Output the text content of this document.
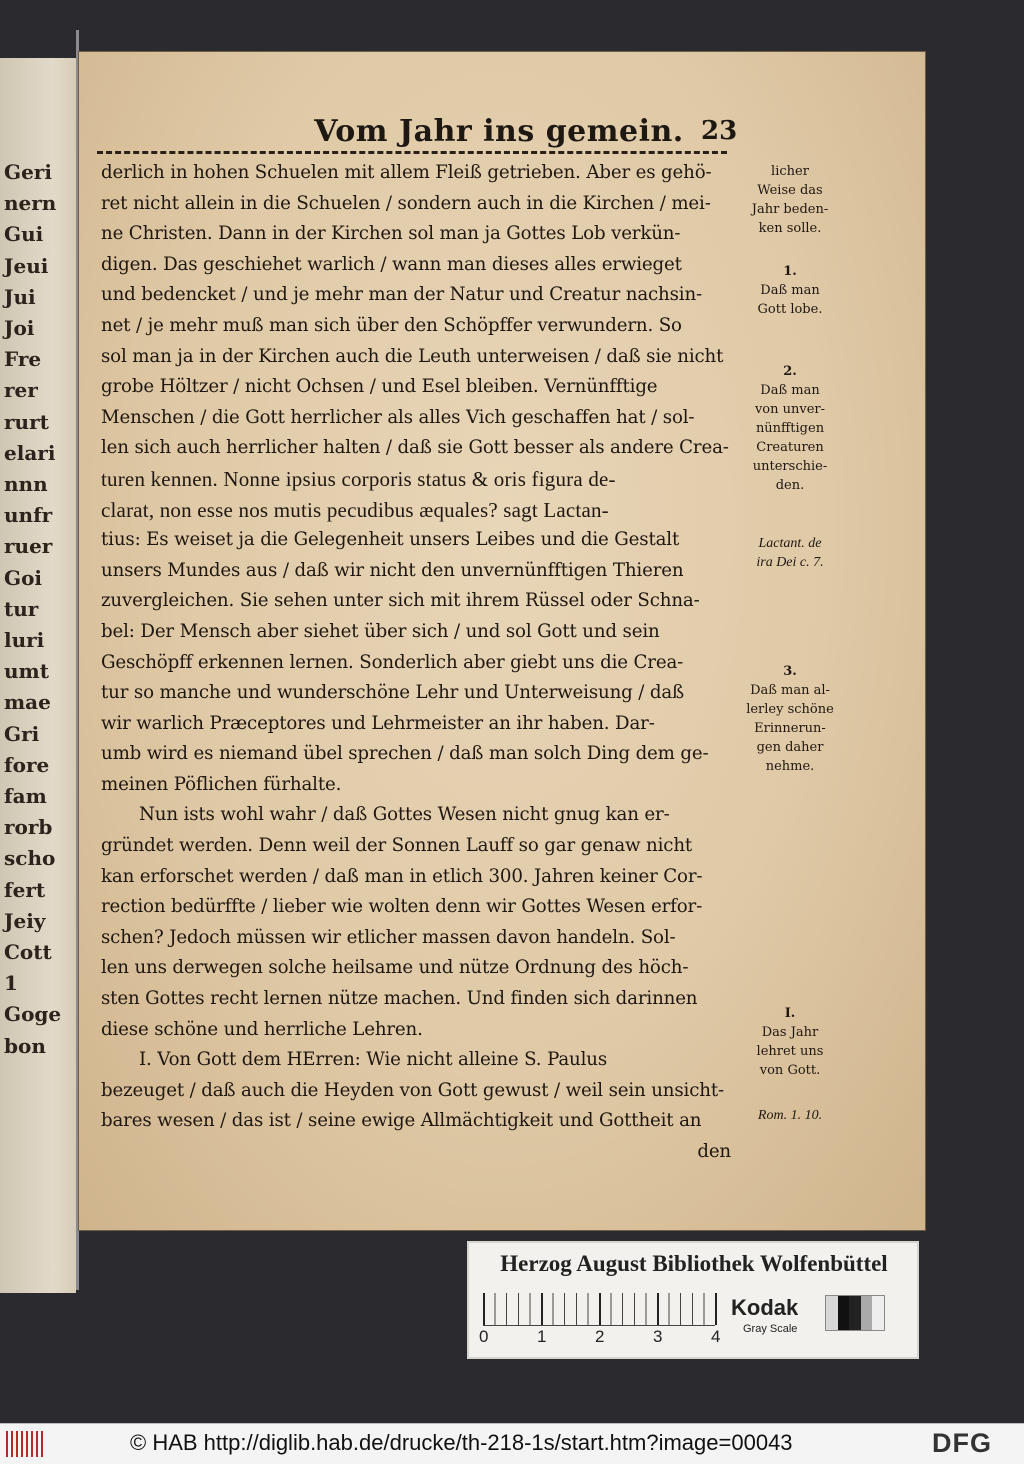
Geri
nern
Gui
Jeui
Jui
Joi
Fre
rer
rurt
elari
nnn
unfr
ruer
Goi
tur
luri
umt
mae
Gri
fore
fam
rorb
scho
fert
Jeiy
Cott
1
Goge
bon
Vom Jahr ins gemein. 23
derlich in hohen Schuelen mit allem Fleiß getrieben. Aber es gehö-
ret nicht allein in die Schuelen / sondern auch in die Kirchen / mei-
ne Christen. Dann in der Kirchen sol man ja Gottes Lob verkün-
digen. Das geschiehet warlich / wann man dieses alles erwieget
und bedencket / und je mehr man der Natur und Creatur nachsin-
net / je mehr muß man sich über den Schöpffer verwundern. So
sol man ja in der Kirchen auch die Leuth unterweisen / daß sie nicht
grobe Höltzer / nicht Ochsen / und Esel bleiben. Vernünfftige
Menschen / die Gott herrlicher als alles Vich geschaffen hat / sol-
len sich auch herrlicher halten / daß sie Gott besser als andere Crea-
turen kennen. Nonne ipsius corporis status & oris figura de-
clarat, non esse nos mutis pecudibus æquales? sagt Lactan-
tius: Es weiset ja die Gelegenheit unsers Leibes und die Gestalt
unsers Mundes aus / daß wir nicht den unvernünfftigen Thieren
zuvergleichen. Sie sehen unter sich mit ihrem Rüssel oder Schna-
bel: Der Mensch aber siehet über sich / und sol Gott und sein
Geschöpff erkennen lernen. Sonderlich aber giebt uns die Crea-
tur so manche und wunderschöne Lehr und Unterweisung / daß
wir warlich Præceptores und Lehrmeister an ihr haben. Dar-
umb wird es niemand übel sprechen / daß man solch Ding dem ge-
meinen Pöflichen fürhalte.
Nun ists wohl wahr / daß Gottes Wesen nicht gnug kan er-
gründet werden. Denn weil der Sonnen Lauff so gar genaw nicht
kan erforschet werden / daß man in etlich 300. Jahren keiner Cor-
rection bedürffte / lieber wie wolten denn wir Gottes Wesen erfor-
schen? Jedoch müssen wir etlicher massen davon handeln. Sol-
len uns derwegen solche heilsame und nütze Ordnung des höch-
sten Gottes recht lernen nütze machen. Und finden sich darinnen
diese schöne und herrliche Lehren.
I. Von Gott dem HErren: Wie nicht alleine S. Paulus
bezeuget / daß auch die Heyden von Gott gewust / weil sein unsicht-
bares wesen / das ist / seine ewige Allmächtigkeit und Gottheit an
den
licher
Weise das
Jahr beden-
ken solle.
1.
Daß man
Gott lobe.
2.
Daß man
von unver-
nünfftigen
Creaturen
unterschie-
den.
Lactant. de
ira Dei c. 7.
3.
Daß man al-
lerley schöne
Erinnerun-
gen daher
nehme.
I.
Das Jahr
lehret uns
von Gott.
Rom. 1. 10.
Herzog August Bibliothek Wolfenbüttel
Kodak
Gray Scale
0	1	2	3	4
© HAB http://diglib.hab.de/drucke/th-218-1s/start.htm?image=00043	DFG
